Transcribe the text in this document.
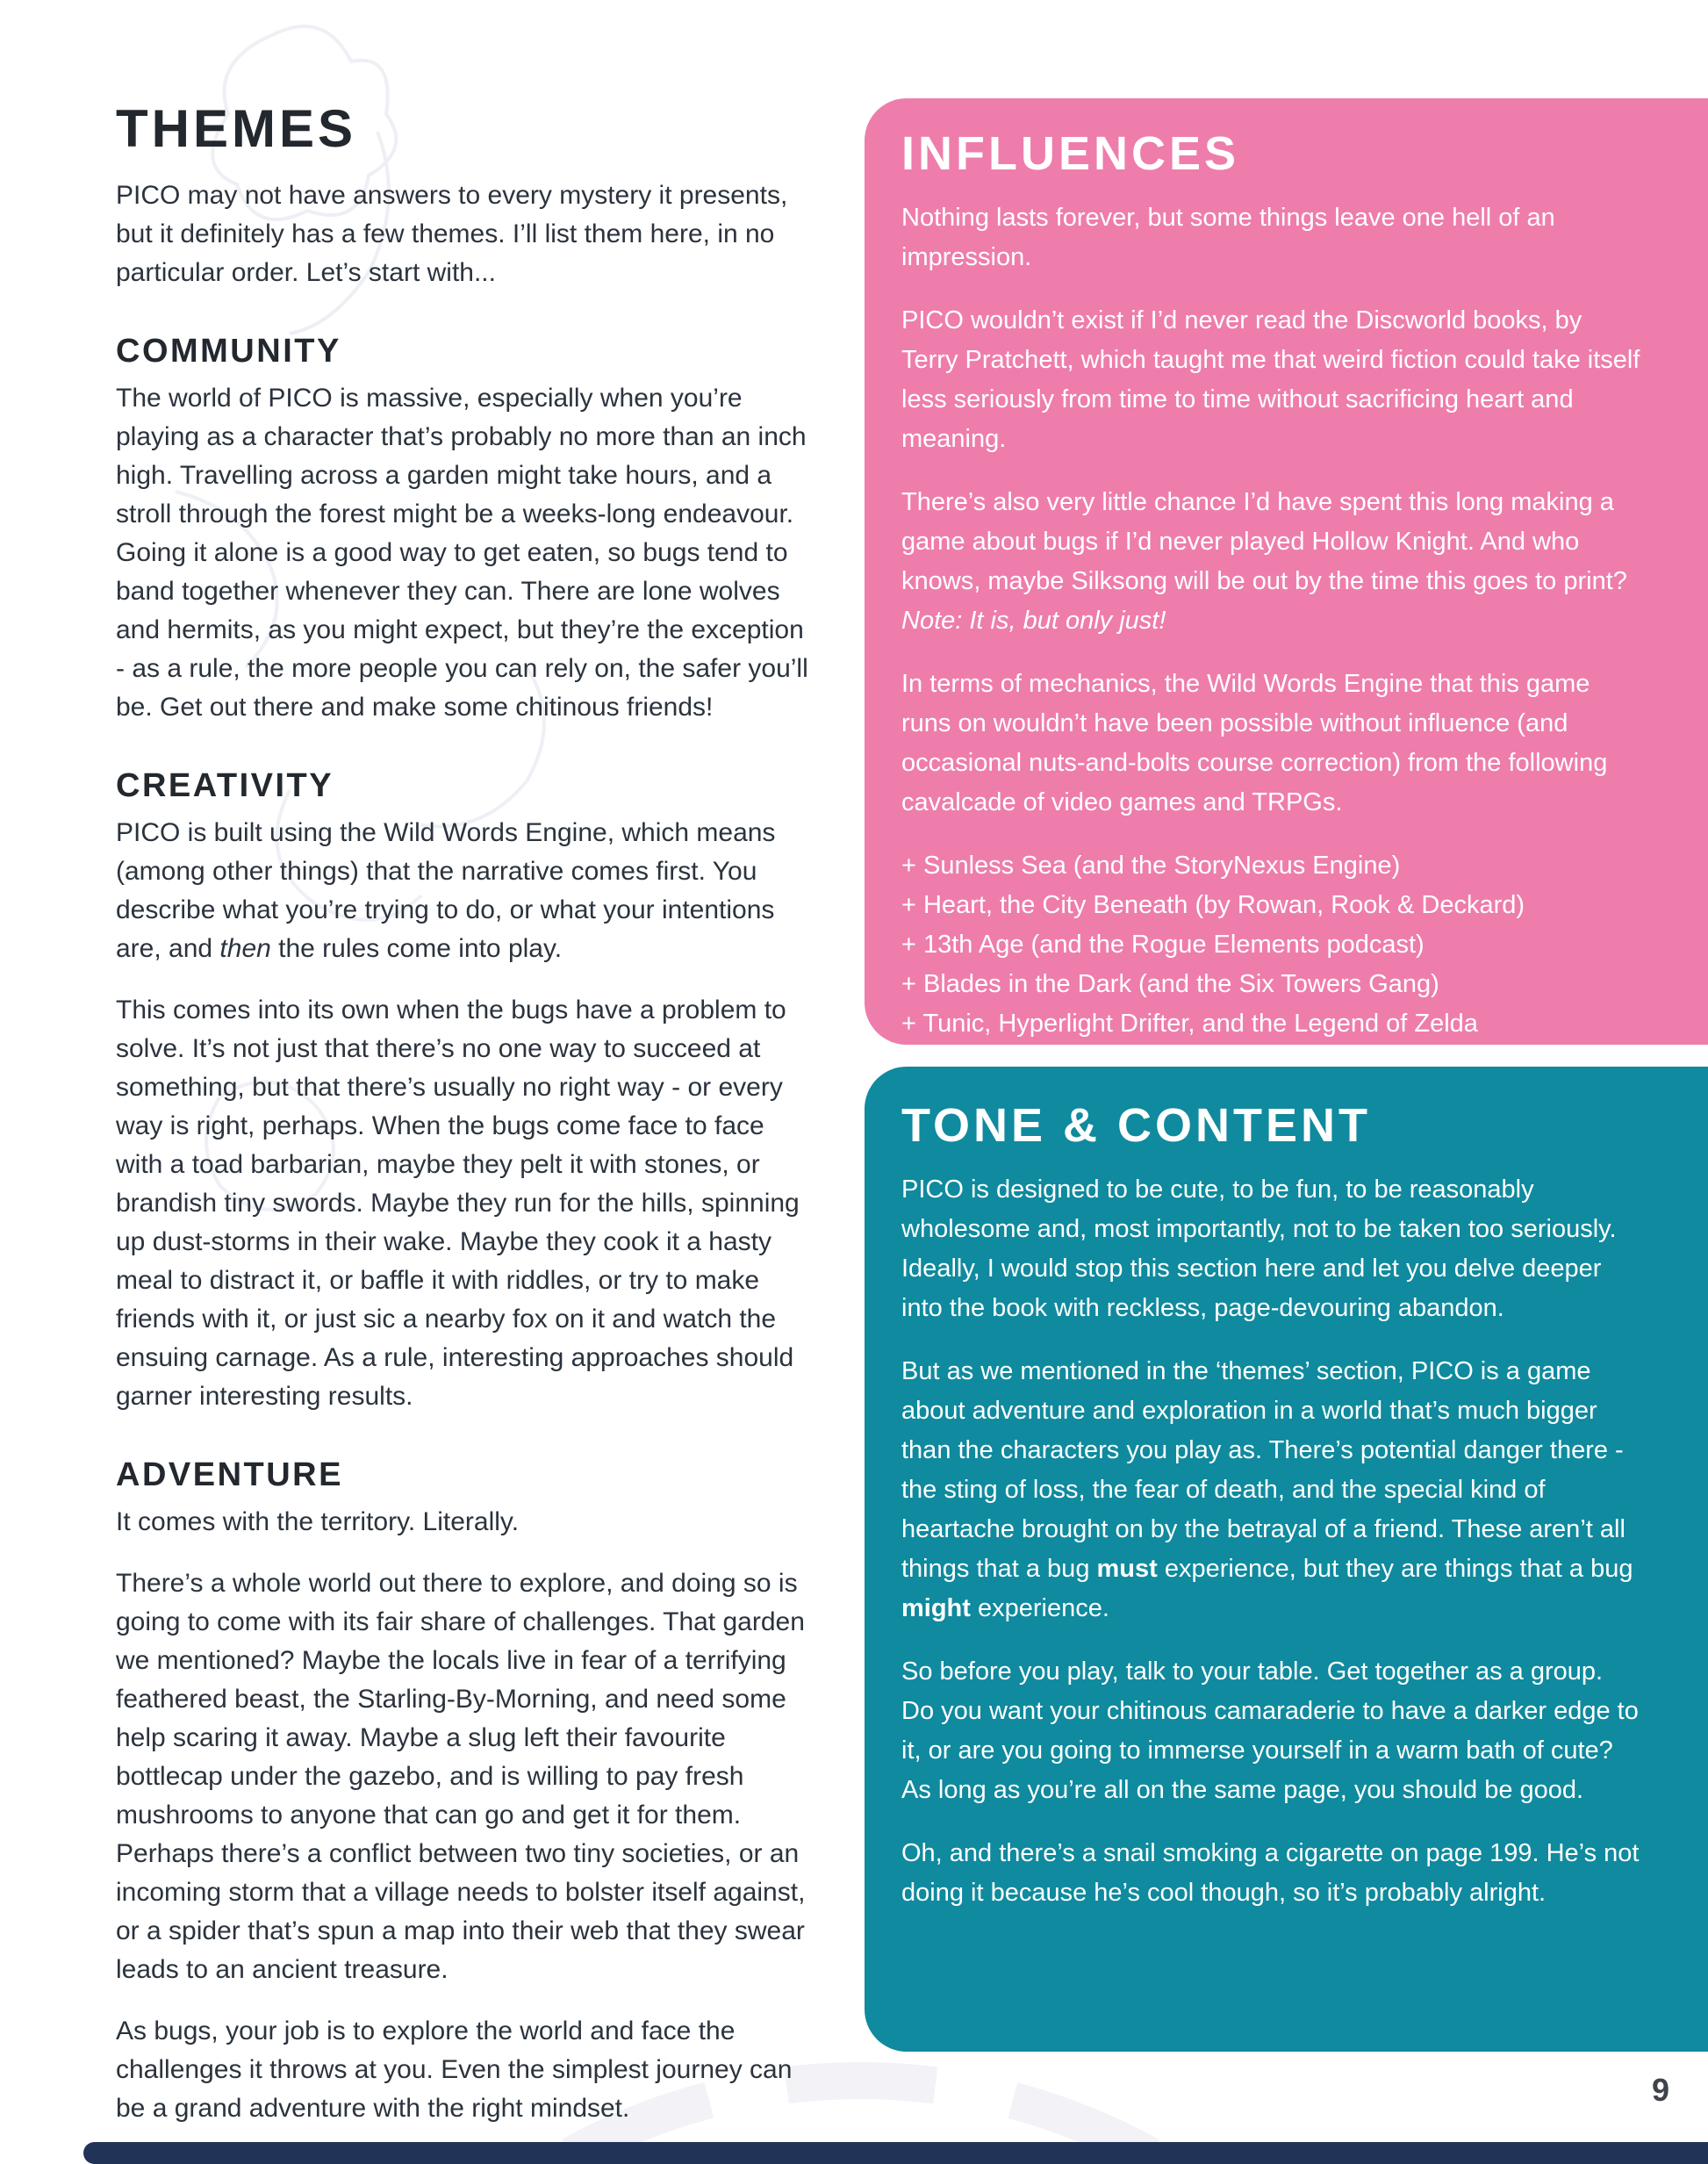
THEMES

PICO may not have answers to every mystery it presents, but it definitely has a few themes. I’ll list them here, in no particular order. Let’s start with...

COMMUNITY

The world of PICO is massive, especially when you’re playing as a character that’s probably no more than an inch high. Travelling across a garden might take hours, and a stroll through the forest might be a weeks-long endeavour. Going it alone is a good way to get eaten, so bugs tend to band together whenever they can. There are lone wolves and hermits, as you might expect, but they’re the exception - as a rule, the more people you can rely on, the safer you’ll be. Get out there and make some chitinous friends!

CREATIVITY

PICO is built using the Wild Words Engine, which means (among other things) that the narrative comes first. You describe what you’re trying to do, or what your intentions are, and then the rules come into play.

This comes into its own when the bugs have a problem to solve. It’s not just that there’s no one way to succeed at something, but that there’s usually no right way - or every way is right, perhaps. When the bugs come face to face with a toad barbarian, maybe they pelt it with stones, or brandish tiny swords. Maybe they run for the hills, spinning up dust-storms in their wake. Maybe they cook it a hasty meal to distract it, or baffle it with riddles, or try to make friends with it, or just sic a nearby fox on it and watch the ensuing carnage. As a rule, interesting approaches should garner interesting results.

ADVENTURE

It comes with the territory. Literally.

There’s a whole world out there to explore, and doing so is going to come with its fair share of challenges. That garden we mentioned? Maybe the locals live in fear of a terrifying feathered beast, the Starling-By-Morning, and need some help scaring it away. Maybe a slug left their favourite bottlecap under the gazebo, and is willing to pay fresh mushrooms to anyone that can go and get it for them. Perhaps there’s a conflict between two tiny societies, or an incoming storm that a village needs to bolster itself against, or a spider that’s spun a map into their web that they swear leads to an ancient treasure.

As bugs, your job is to explore the world and face the challenges it throws at you. Even the simplest journey can be a grand adventure with the right mindset.

INFLUENCES

Nothing lasts forever, but some things leave one hell of an impression.

PICO wouldn’t exist if I’d never read the Discworld books, by Terry Pratchett, which taught me that weird fiction could take itself less seriously from time to time without sacrificing heart and meaning.

There’s also very little chance I’d have spent this long making a game about bugs if I’d never played Hollow Knight. And who knows, maybe Silksong will be out by the time this goes to print? Note: It is, but only just!

In terms of mechanics, the Wild Words Engine that this game runs on wouldn’t have been possible without influence (and occasional nuts-and-bolts course correction) from the following cavalcade of video games and TRPGs.

+ Sunless Sea (and the StoryNexus Engine)
+ Heart, the City Beneath (by Rowan, Rook & Deckard)
+ 13th Age (and the Rogue Elements podcast)
+ Blades in the Dark (and the Six Towers Gang)
+ Tunic, Hyperlight Drifter, and the Legend of Zelda
TONE & CONTENT

PICO is designed to be cute, to be fun, to be reasonably wholesome and, most importantly, not to be taken too seriously. Ideally, I would stop this section here and let you delve deeper into the book with reckless, page-devouring abandon.

But as we mentioned in the ‘themes’ section, PICO is a game about adventure and exploration in a world that’s much bigger than the characters you play as. There’s potential danger there - the sting of loss, the fear of death, and the special kind of heartache brought on by the betrayal of a friend. These aren’t all things that a bug must experience, but they are things that a bug might experience.

So before you play, talk to your table. Get together as a group. Do you want your chitinous camaraderie to have a darker edge to it, or are you going to immerse yourself in a warm bath of cute? As long as you’re all on the same page, you should be good.

Oh, and there’s a snail smoking a cigarette on page 199. He’s not doing it because he’s cool though, so it’s probably alright.

9
